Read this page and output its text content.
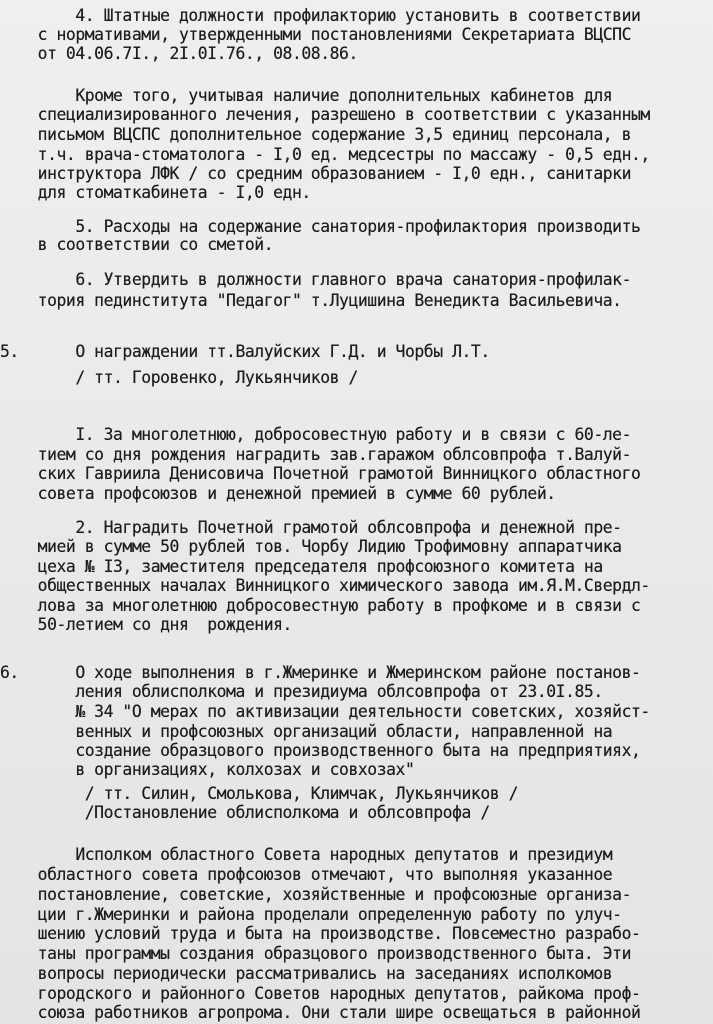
4. Штатные должности профилакторию установить в соответствии
с нормативами, утвержденными постановлениями Секретариата ВЦСПС
от 04.06.7I., 2I.0I.76., 08.08.86.
Кроме того, учитывая наличие дополнительных кабинетов для
специализированного лечения, разрешено в соответствии с указанным
письмом ВЦСПС дополнительное содержание 3,5 единиц персонала, в
т.ч. врача-стоматолога - I,0 ед. медсестры по массажу - 0,5 едн.,
инструктора ЛФК / со средним образованием - I,0 едн., санитарки
для стоматкабинета - I,0 едн.
5. Расходы на содержание санатория-профилактория производить
в соответствии со сметой.
6. Утвердить в должности главного врача санатория-профилак-
тория пединститута "Педагог" т.Луцишина Венедикта Васильевича.
5.      О награждении тт.Валуйских Г.Д. и Чорбы Л.Т.
/ тт. Горовенко, Лукьянчиков /
I. За многолетнюю, добросовестную работу и в связи с 60-ле-
тием со дня рождения наградить зав.гаражом облсовпрофа т.Валуй-
ских Гавриила Денисовича Почетной грамотой Винницкого областного
совета профсоюзов и денежной премией в сумме 60 рублей.
2. Наградить Почетной грамотой облсовпрофа и денежной пре-
мией в сумме 50 рублей тов. Чорбу Лидию Трофимовну аппаратчика
цеха № I3, заместителя председателя профсоюзного комитета на
общественных началах Винницкого химического завода им.Я.М.Свердл-
лова за многолетнюю добросовестную работу в профкоме и в связи с
50-летием со дня  рождения.
6.      О ходе выполнения в г.Жмеринке и Жмеринском районе постанов-
ления облисполкома и президиума облсовпрофа от 23.0I.85.
№ 34 "О мерах по активизации деятельности советских, хозяйст-
венных и профсоюзных организаций области, направленной на
создание образцового производственного быта на предприятиях,
в организациях, колхозах и совхозах"
/ тт. Силин, Смолькова, Климчак, Лукьянчиков /
/Постановление облисполкома и облсовпрофа /
Исполком областного Совета народных депутатов и президиум
областного совета профсоюзов отмечают, что выполняя указанное
постановление, советские, хозяйственные и профсоюзные организа-
ции г.Жмеринки и района проделали определенную работу по улуч-
шению условий труда и быта на производстве. Повсеместно разрабо-
таны программы создания образцового производственного быта. Эти
вопросы периодически рассматривались на заседаниях исполкомов
городского и районного Советов народных депутатов, райкома проф-
союза работников агропрома. Они стали шире освещаться в районной
